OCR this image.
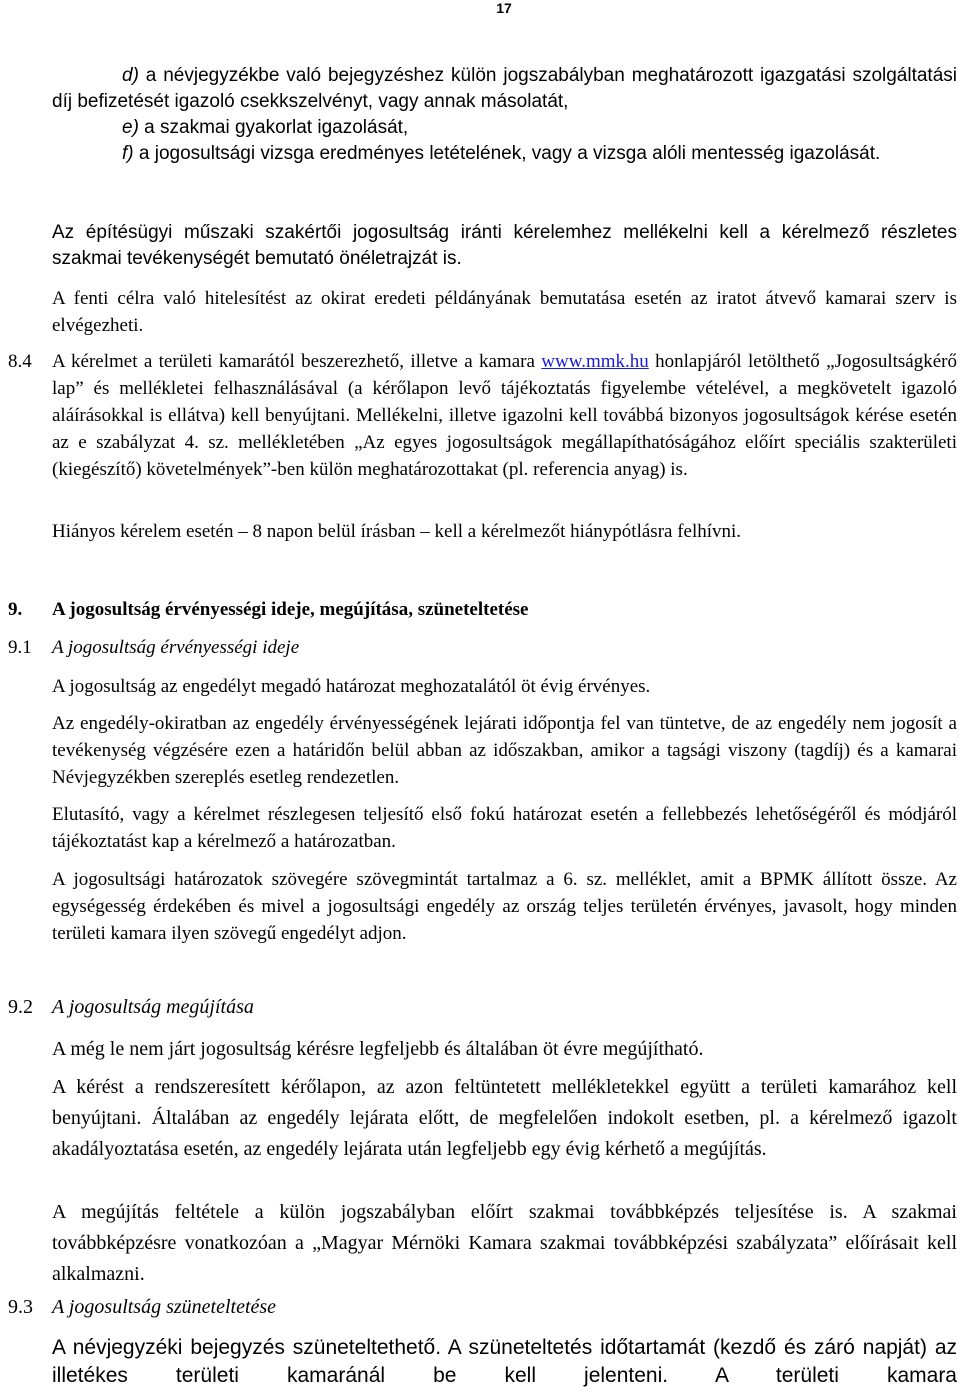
17

d) a névjegyzékbe való bejegyzéshez külön jogszabályban meghatározott igazgatási szolgáltatási díj befizetését igazoló csekkszelvényt, vagy annak másolatát,

e) a szakmai gyakorlat igazolását,

f) a jogosultsági vizsga eredményes letételének, vagy a vizsga alóli mentesség igazolását.

Az építésügyi műszaki szakértői jogosultság iránti kérelemhez mellékelni kell a kérelmező részletes szakmai tevékenységét bemutató önéletrajzát is.

A fenti célra való hitelesítést az okirat eredeti példányának bemutatása esetén az iratot átvevő kamarai szerv is elvégezheti.

8.4 A kérelmet a területi kamarától beszerezhető, illetve a kamara www.mmk.hu honlapjáról letölthető „Jogosultságkérő lap” és mellékletei felhasználásával (a kérőlapon levő tájékoztatás figyelembe vételével, a megkövetelt igazoló aláírásokkal is ellátva) kell benyújtani. Mellékelni, illetve igazolni kell továbbá bizonyos jogosultságok kérése esetén az e szabályzat 4. sz. mellékletében „Az egyes jogosultságok megállapíthatóságához előírt speciális szakterületi (kiegészítő) követelmények”-ben külön meghatározottakat (pl. referencia anyag) is.

Hiányos kérelem esetén – 8 napon belül írásban – kell a kérelmezőt hiánypótlásra felhívni.

9. A jogosultság érvényességi ideje, megújítása, szüneteltetése

9.1 A jogosultság érvényességi ideje

A jogosultság az engedélyt megadó határozat meghozatalától öt évig érvényes.

Az engedély-okiratban az engedély érvényességének lejárati időpontja fel van tüntetve, de az engedély nem jogosít a tevékenység végzésére ezen a határidőn belül abban az időszakban, amikor a tagsági viszony (tagdíj) és a kamarai Névjegyzékben szereplés esetleg rendezetlen.

Elutasító, vagy a kérelmet részlegesen teljesítő első fokú határozat esetén a fellebbezés lehetőségéről és módjáról tájékoztatást kap a kérelmező a határozatban.

A jogosultsági határozatok szövegére szövegmintát tartalmaz a 6. sz. melléklet, amit a BPMK állított össze. Az egységesség érdekében és mivel a jogosultsági engedély az ország teljes területén érvényes, javasolt, hogy minden területi kamara ilyen szövegű engedélyt adjon.

9.2 A jogosultság megújítása

A még le nem járt jogosultság kérésre legfeljebb és általában öt évre megújítható.

A kérést a rendszeresített kérőlapon, az azon feltüntetett mellékletekkel együtt a területi kamarához kell benyújtani. Általában az engedély lejárata előtt, de megfelelően indokolt esetben, pl. a kérelmező igazolt akadályoztatása esetén, az engedély lejárata után legfeljebb egy évig kérhető a megújítás.

A megújítás feltétele a külön jogszabályban előírt szakmai továbbképzés teljesítése is. A szakmai továbbképzésre vonatkozóan a „Magyar Mérnöki Kamara szakmai továbbképzési szabályzata” előírásait kell alkalmazni.

9.3 A jogosultság szüneteltetése

A névjegyzéki bejegyzés szüneteltethető. A szüneteltetés időtartamát (kezdő és záró napját) az illetékes területi kamaránál be kell jelenteni. A területi kamara
